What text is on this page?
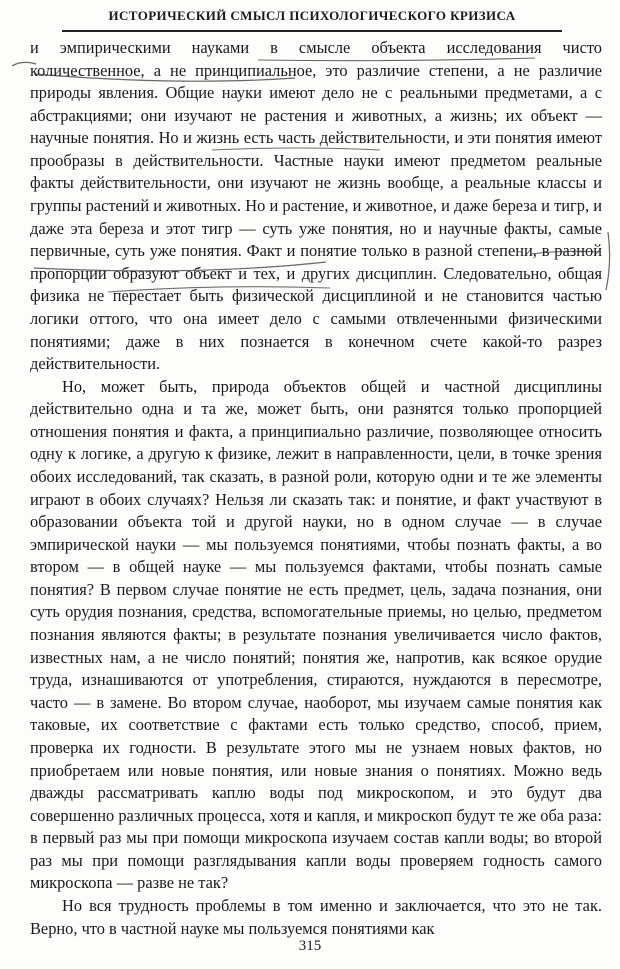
ИСТОРИЧЕСКИЙ СМЫСЛ ПСИХОЛОГИЧЕСКОГО КРИЗИСА

и эмпирическими науками в смысле объекта исследования чисто количественное, а не принципиальное, это различие степени, а не различие природы явления. Общие науки имеют дело не с реальными предметами, а с абстракциями; они изучают не растения и животных, а жизнь; их объект — научные понятия. Но и жизнь есть часть действительности, и эти понятия имеют прообразы в действительности. Частные науки имеют предметом реальные факты действительности, они изучают не жизнь вообще, а реальные классы и группы растений и животных. Но и растение, и животное, и даже береза и тигр, и даже эта береза и этот тигр — суть уже понятия, но и научные факты, самые первичные, суть уже понятия. Факт и понятие только в разной степени, в разной пропорции образуют объект и тех, и других дисциплин. Следовательно, общая физика не перестает быть физической дисциплиной и не становится частью логики оттого, что она имеет дело с самыми отвлеченными физическими понятиями; даже в них познается в конечном счете какой-то разрез действительности.

Но, может быть, природа объектов общей и частной дисциплины действительно одна и та же, может быть, они разнятся только пропорцией отношения понятия и факта, а принципиально различие, позволяющее относить одну к логике, а другую к физике, лежит в направленности, цели, в точке зрения обоих исследований, так сказать, в разной роли, которую одни и те же элементы играют в обоих случаях? Нельзя ли сказать так: и понятие, и факт участвуют в образовании объекта той и другой науки, но в одном случае — в случае эмпирической науки — мы пользуемся понятиями, чтобы познать факты, а во втором — в общей науке — мы пользуемся фактами, чтобы познать самые понятия? В первом случае понятие не есть предмет, цель, задача познания, они суть орудия познания, средства, вспомогательные приемы, но целью, предметом познания являются факты; в результате познания увеличивается число фактов, известных нам, а не число понятий; понятия же, напротив, как всякое орудие труда, изнашиваются от употребления, стираются, нуждаются в пересмотре, часто — в замене. Во втором случае, наоборот, мы изучаем самые понятия как таковые, их соответствие с фактами есть только средство, способ, прием, проверка их годности. В результате этого мы не узнаем новых фактов, но приобретаем или новые понятия, или новые знания о понятиях. Можно ведь дважды рассматривать каплю воды под микроскопом, и это будут два совершенно различных процесса, хотя и капля, и микроскоп будут те же оба раза: в первый раз мы при помощи микроскопа изучаем состав капли воды; во второй раз мы при помощи разглядывания капли воды проверяем годность самого микроскопа — разве не так?

Но вся трудность проблемы в том именно и заключается, что это не так. Верно, что в частной науке мы пользуемся понятиями как

315
